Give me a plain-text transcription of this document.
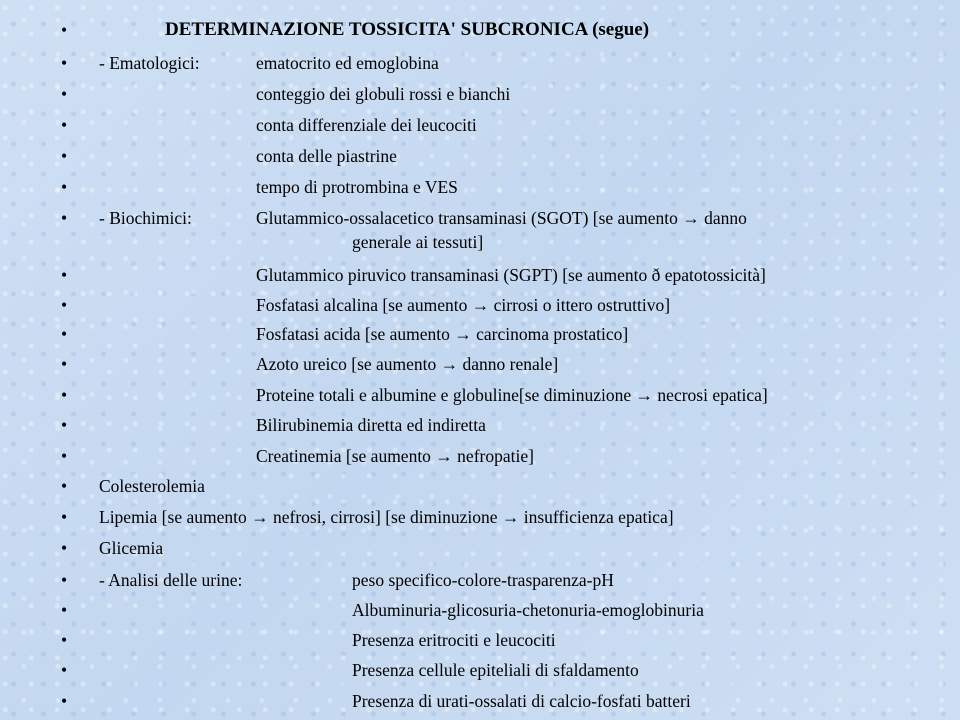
•	DETERMINAZIONE TOSSICITA' SUBCRONICA (segue)
• - Ematologici:	ematocrito ed emoglobina
•	conteggio dei globuli rossi e bianchi
•	conta differenziale dei leucociti
•	conta delle piastrine
•	tempo di protrombina e VES
• - Biochimici:	Glutammico-ossalacetico transaminasi (SGOT) [se aumento → danno
generale ai tessuti]
•	Glutammico piruvico transaminasi (SGPT) [se aumento ð epatotossicità]
•	Fosfatasi alcalina [se aumento → cirrosi o ittero ostruttivo]
•	Fosfatasi acida [se aumento → carcinoma prostatico]
•	Azoto ureico [se aumento → danno renale]
•	Proteine totali e albumine e globuline[se diminuzione → necrosi epatica]
•	Bilirubinemia diretta ed indiretta
•	Creatinemia [se aumento → nefropatie]
• Colesterolemia
• Lipemia [se aumento → nefrosi, cirrosi] [se diminuzione → insufficienza epatica]
• Glicemia
• - Analisi delle urine:	peso specifico-colore-trasparenza-pH
•	Albuminuria-glicosuria-chetonuria-emoglobinuria
•	Presenza eritrociti e leucociti
•	Presenza cellule epiteliali di sfaldamento
•	Presenza di urati-ossalati di calcio-fosfati batteri
